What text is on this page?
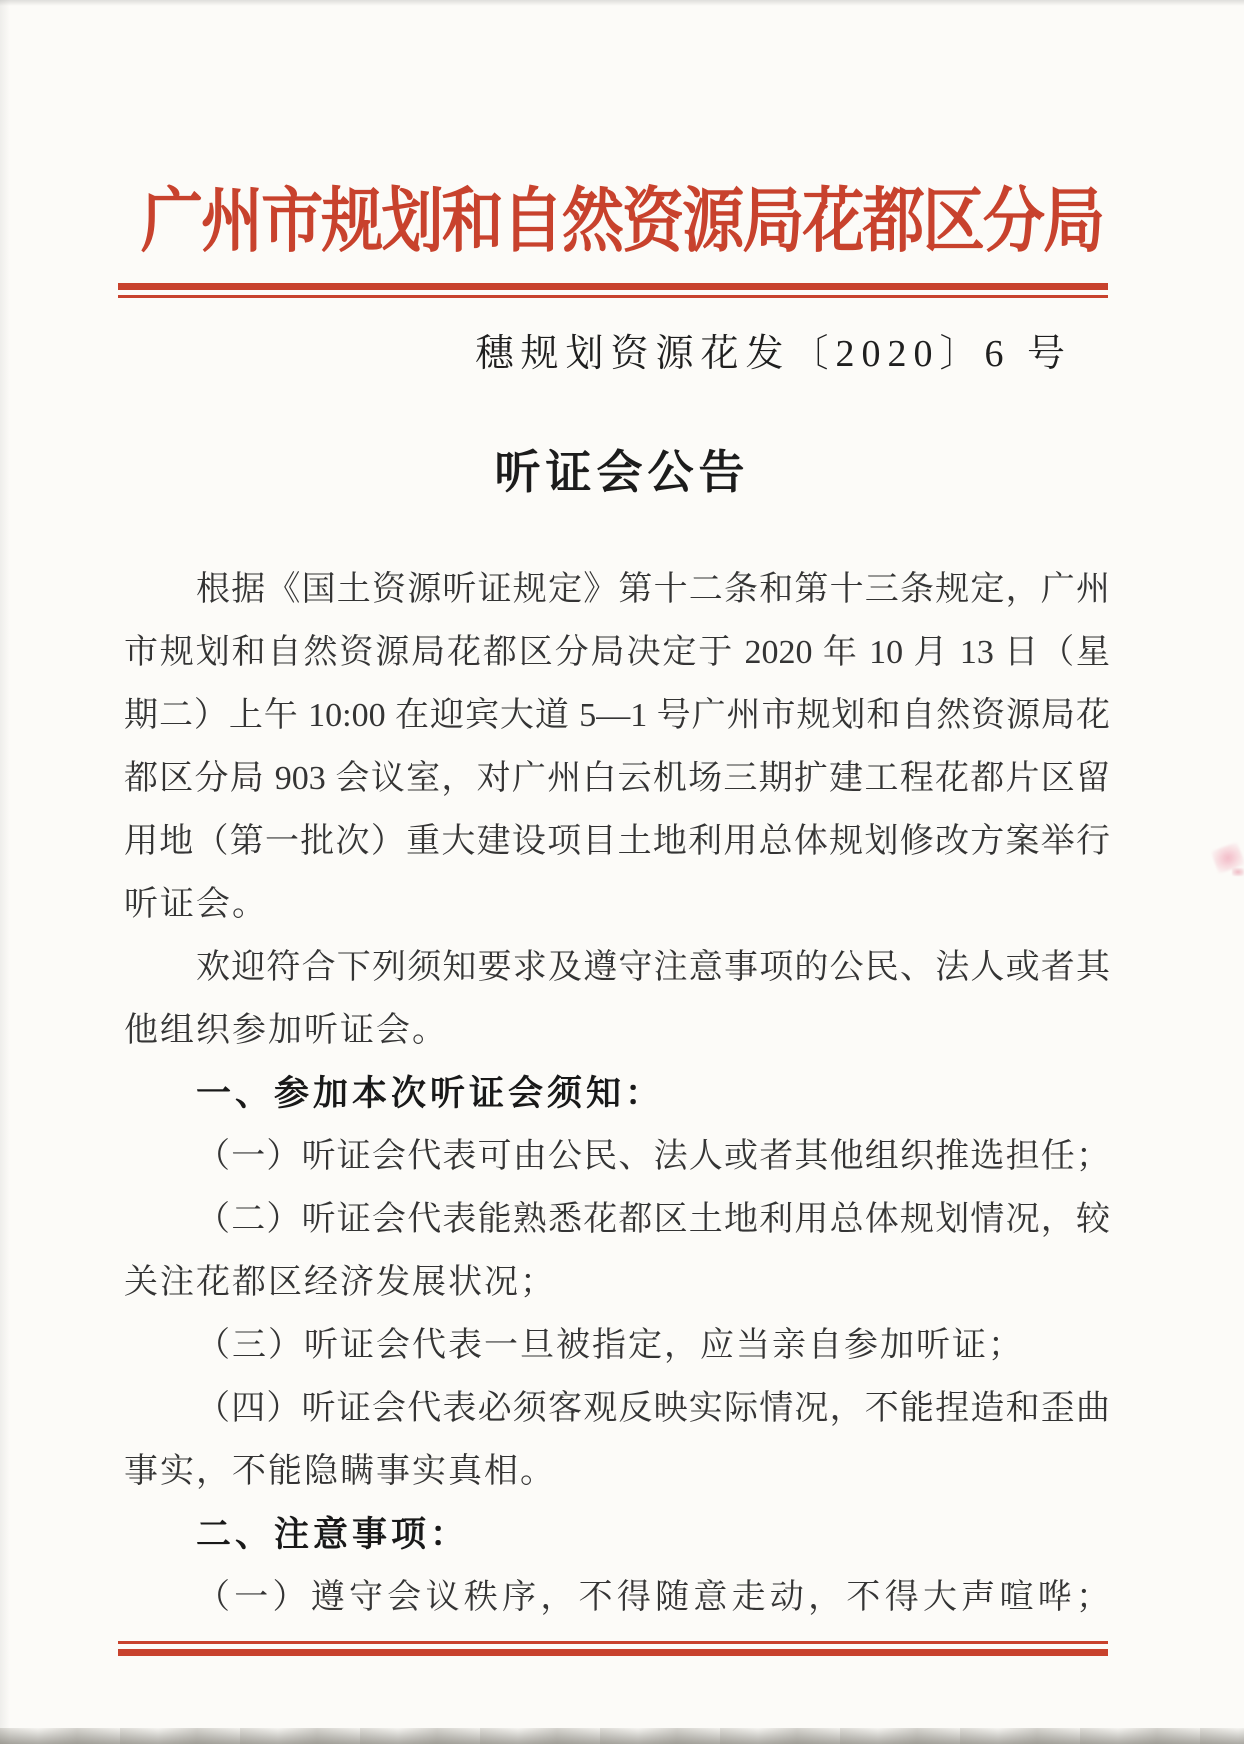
广州市规划和自然资源局花都区分局
穗规划资源花发〔2020〕6 号
听证会公告
根据《国土资源听证规定》第十二条和第十三条规定，广州
市规划和自然资源局花都区分局决定于 2020 年 10 月 13 日（星
期二）上午 10:00 在迎宾大道 5—1 号广州市规划和自然资源局花
都区分局 903 会议室，对广州白云机场三期扩建工程花都片区留
用地（第一批次）重大建设项目土地利用总体规划修改方案举行
听证会。
欢迎符合下列须知要求及遵守注意事项的公民、法人或者其
他组织参加听证会。
一、参加本次听证会须知：
（一）听证会代表可由公民、法人或者其他组织推选担任；
（二）听证会代表能熟悉花都区土地利用总体规划情况，较
关注花都区经济发展状况；
（三）听证会代表一旦被指定，应当亲自参加听证；
（四）听证会代表必须客观反映实际情况，不能捏造和歪曲
事实，不能隐瞒事实真相。
二、注意事项：
（一）遵守会议秩序，不得随意走动，不得大声喧哗；
